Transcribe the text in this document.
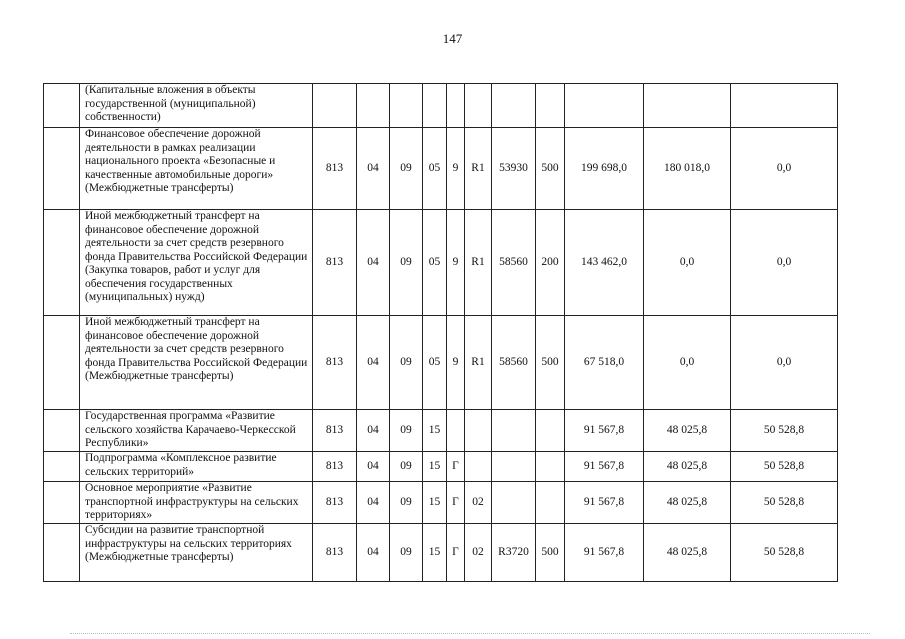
147
	(Капитальные вложения в объекты государственной (муниципальной) собственности)											
	Финансовое обеспечение дорожной деятельности в рамках реализации национального проекта «Безопасные и качественные автомобильные дороги» (Межбюджетные трансферты)	813	04	09	05	9	R1	53930	500	199 698,0	180 018,0	0,0
	Иной межбюджетный трансферт на финансовое обеспечение дорожной деятельности за счет средств резервного фонда Правительства Российской Федерации (Закупка товаров, работ и услуг для обеспечения государственных (муниципальных) нужд)	813	04	09	05	9	R1	58560	200	143 462,0	0,0	0,0
	Иной межбюджетный трансферт на финансовое обеспечение дорожной деятельности за счет средств резервного фонда Правительства Российской Федерации (Межбюджетные трансферты)	813	04	09	05	9	R1	58560	500	67 518,0	0,0	0,0
	Государственная программа «Развитие сельского хозяйства Карачаево-Черкесской Республики»	813	04	09	15					91 567,8	48 025,8	50 528,8
	Подпрограмма «Комплексное развитие сельских территорий»	813	04	09	15	Г				91 567,8	48 025,8	50 528,8
	Основное мероприятие «Развитие транспортной инфраструктуры на сельских территориях»	813	04	09	15	Г	02			91 567,8	48 025,8	50 528,8
	Субсидии на развитие транспортной инфраструктуры на сельских территориях (Межбюджетные трансферты)	813	04	09	15	Г	02	R3720	500	91 567,8	48 025,8	50 528,8
